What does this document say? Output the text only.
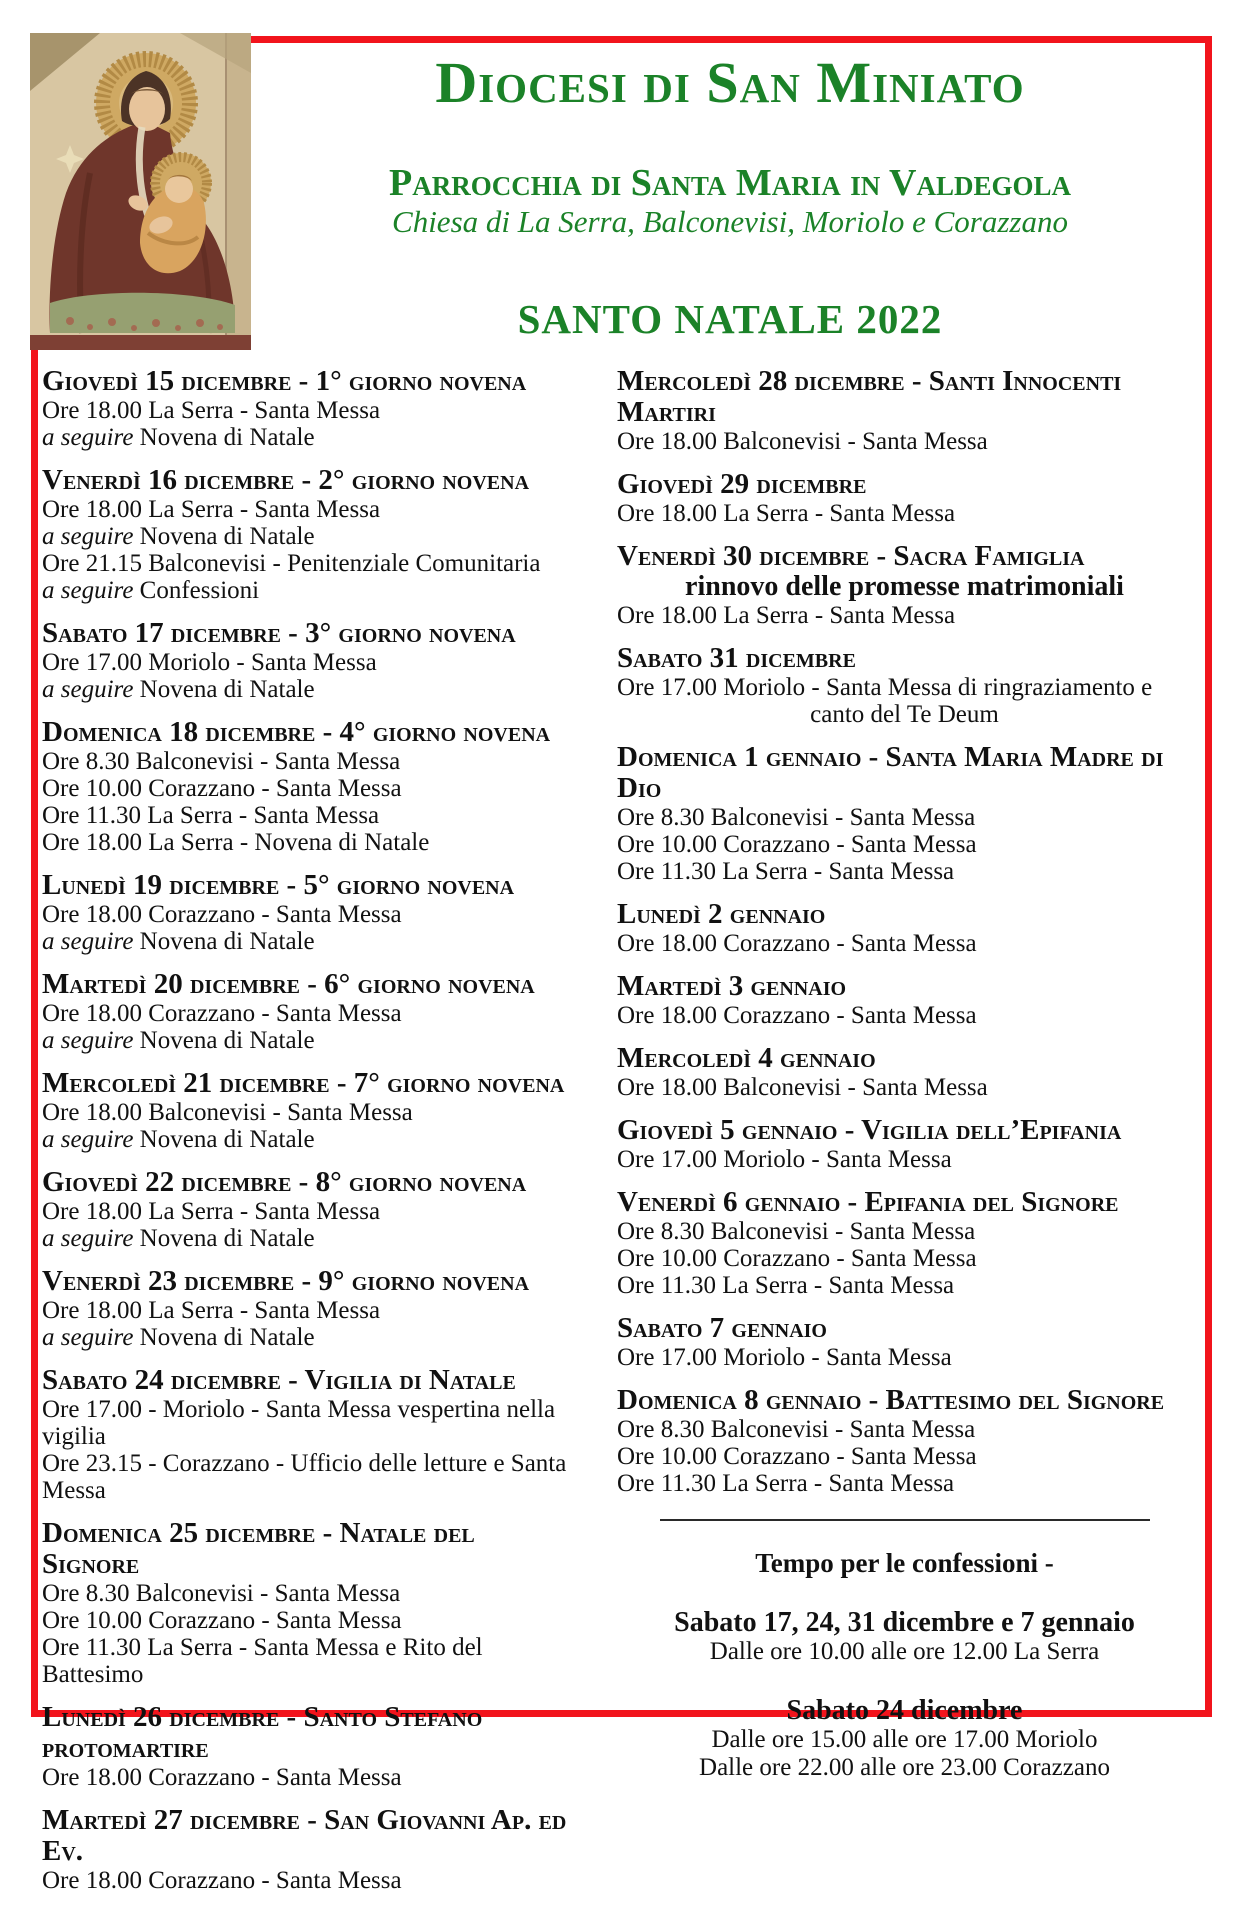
Diocesi di San Miniato
Parrocchia di Santa Maria in Valdegola
Chiesa di La Serra, Balconevisi, Moriolo e Corazzano
SANTO NATALE 2022
Giovedì 15 dicembre - 1° giorno novena
Ore 18.00 La Serra - Santa Messa
a seguire Novena di Natale
Venerdì 16 dicembre - 2° giorno novena
Ore 18.00 La Serra - Santa Messa
a seguire Novena di Natale
Ore 21.15 Balconevisi - Penitenziale Comunitaria
a seguire Confessioni
Sabato 17 dicembre - 3° giorno novena
Ore 17.00 Moriolo - Santa Messa
a seguire Novena di Natale
Domenica 18 dicembre - 4° giorno novena
Ore 8.30 Balconevisi - Santa Messa
Ore 10.00 Corazzano - Santa Messa
Ore 11.30 La Serra - Santa Messa
Ore 18.00 La Serra - Novena di Natale
Lunedì 19 dicembre - 5° giorno novena
Ore 18.00 Corazzano - Santa Messa
a seguire Novena di Natale
Martedì 20 dicembre - 6° giorno novena
Ore 18.00 Corazzano - Santa Messa
a seguire Novena di Natale
Mercoledì 21 dicembre - 7° giorno novena
Ore 18.00 Balconevisi - Santa Messa
a seguire Novena di Natale
Giovedì 22 dicembre - 8° giorno novena
Ore 18.00 La Serra - Santa Messa
a seguire Novena di Natale
Venerdì 23 dicembre - 9° giorno novena
Ore 18.00 La Serra - Santa Messa
a seguire Novena di Natale
Sabato 24 dicembre - Vigilia di Natale
Ore 17.00 - Moriolo - Santa Messa vespertina nella vigilia
Ore 23.15 - Corazzano - Ufficio delle letture e Santa Messa
Domenica 25 dicembre - Natale del Signore
Ore 8.30 Balconevisi - Santa Messa
Ore 10.00 Corazzano - Santa Messa
Ore 11.30 La Serra - Santa Messa e Rito del Battesimo
Lunedì 26 dicembre - Santo Stefano protomartire
Ore 18.00 Corazzano - Santa Messa
Martedì 27 dicembre - San Giovanni Ap. ed Ev.
Ore 18.00 Corazzano - Santa Messa
Mercoledì 28 dicembre - Santi Innocenti Martiri
Ore 18.00 Balconevisi - Santa Messa
Giovedì 29 dicembre
Ore 18.00 La Serra - Santa Messa
Venerdì 30 dicembre - Sacra Famiglia
rinnovo delle promesse matrimoniali
Ore 18.00 La Serra - Santa Messa
Sabato 31 dicembre
Ore 17.00 Moriolo - Santa Messa di ringraziamento e
canto del Te Deum
Domenica 1 gennaio - Santa Maria Madre di Dio
Ore 8.30 Balconevisi - Santa Messa
Ore 10.00 Corazzano - Santa Messa
Ore 11.30 La Serra - Santa Messa
Lunedì 2 gennaio
Ore 18.00 Corazzano - Santa Messa
Martedì 3 gennaio
Ore 18.00 Corazzano - Santa Messa
Mercoledì 4 gennaio
Ore 18.00 Balconevisi - Santa Messa
Giovedì 5 gennaio - Vigilia dell’Epifania
Ore 17.00 Moriolo - Santa Messa
Venerdì 6 gennaio - Epifania del Signore
Ore 8.30 Balconevisi - Santa Messa
Ore 10.00 Corazzano - Santa Messa
Ore 11.30 La Serra - Santa Messa
Sabato 7 gennaio
Ore 17.00 Moriolo - Santa Messa
Domenica 8 gennaio - Battesimo del Signore
Ore 8.30 Balconevisi - Santa Messa
Ore 10.00 Corazzano - Santa Messa
Ore 11.30 La Serra - Santa Messa
Tempo per le confessioni -
Sabato 17, 24, 31 dicembre e 7 gennaio
Dalle ore 10.00 alle ore 12.00 La Serra
Sabato 24 dicembre
Dalle ore 15.00 alle ore 17.00 Moriolo
Dalle ore 22.00 alle ore 23.00 Corazzano
